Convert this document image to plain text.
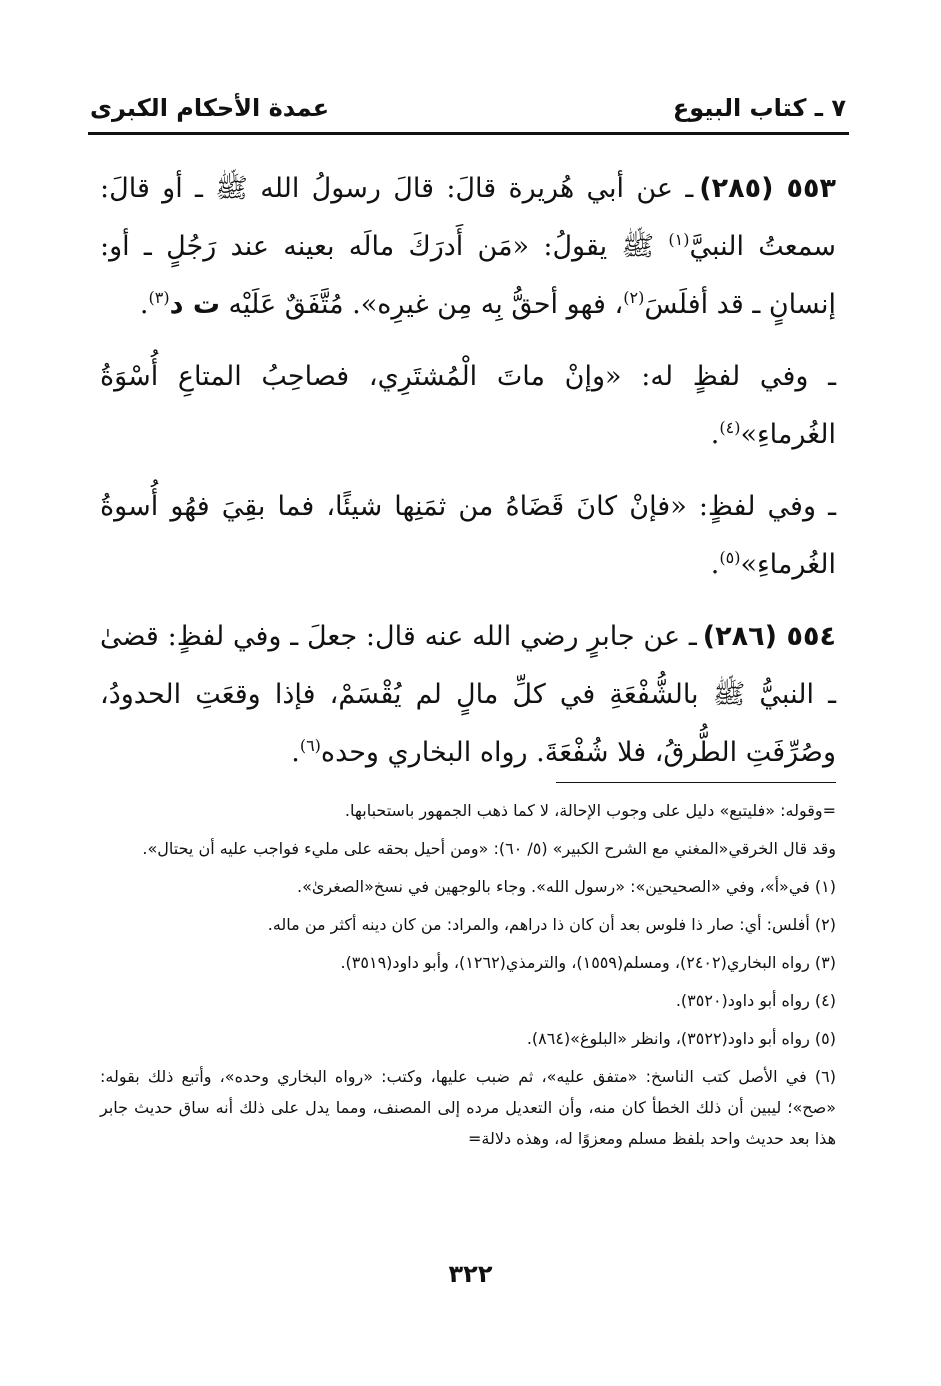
٧ ـ كتاب البيوع
عمدة الأحكام الكبرى

٥٥٣ (٢٨٥)ـ عن أبي هُريرة قالَ: قالَ رسولُ الله ﷺ ـ أو قالَ: سمعتُ النبيَّ$^{(١)}$ ﷺ يقولُ: «مَن أَدرَكَ مالَه بعينه عند رَجُلٍ ـ أو: إنسانٍ ـ قد أفلَسَ$^{(٢)}$، فهو أحقُّ بِه مِن غيرِه». مُتَّفَقٌ عَلَيْه ت د$^{(٣)}$.

ـ وفي لفظٍ له: «وإنْ ماتَ الْمُشتَرِي، فصاحِبُ المتاعِ أُسْوَةُ الغُرماءِ»$^{(٤)}$.

ـ وفي لفظٍ: «فإنْ كانَ قَضَاهُ من ثمَنِها شيئًا، فما بقِيَ فهُو أُسوةُ الغُرماءِ»$^{(٥)}$.

٥٥٤ (٢٨٦)ـ عن جابرٍ رضي الله عنه قال: جعلَ ـ وفي لفظٍ: قضىٰ ـ النبيُّ ﷺ بالشُّفْعَةِ في كلِّ مالٍ لم يُقْسَمْ، فإذا وقعَتِ الحدودُ، وصُرِّفَتِ الطُّرقُ، فلا شُفْعَةَ. رواه البخاري وحده$^{(٦)}$.

=وقوله: «فليتبع» دليل على وجوب الإحالة، لا كما ذهب الجمهور باستحبابها.

وقد قال الخرقي«المغني مع الشرح الكبير» (٥/ ٦٠): «ومن أحيل بحقه على مليء فواجب عليه أن يحتال».

(١) في«أ»، وفي «الصحيحين»: «رسول الله». وجاء بالوجهين في نسخ«الصغرىٰ».

(٢) أفلس: أي: صار ذا فلوس بعد أن كان ذا دراهم، والمراد: من كان دينه أكثر من ماله.

(٣) رواه البخاري(٢٤٠٢)، ومسلم(١٥٥٩)، والترمذي(١٢٦٢)، وأبو داود(٣٥١٩).

(٤) رواه أبو داود(٣٥٢٠).

(٥) رواه أبو داود(٣٥٢٢)، وانظر «البلوغ»(٨٦٤).

(٦) في الأصل كتب الناسخ: «متفق عليه»، ثم ضبب عليها، وكتب: «رواه البخاري وحده»، وأتبع ذلك بقوله: «صح»؛ ليبين أن ذلك الخطأ كان منه، وأن التعديل مرده إلى المصنف، ومما يدل على ذلك أنه ساق حديث جابر هذا بعد حديث واحد بلفظ مسلم ومعزوًا له، وهذه دلالة=

٣٢٢
